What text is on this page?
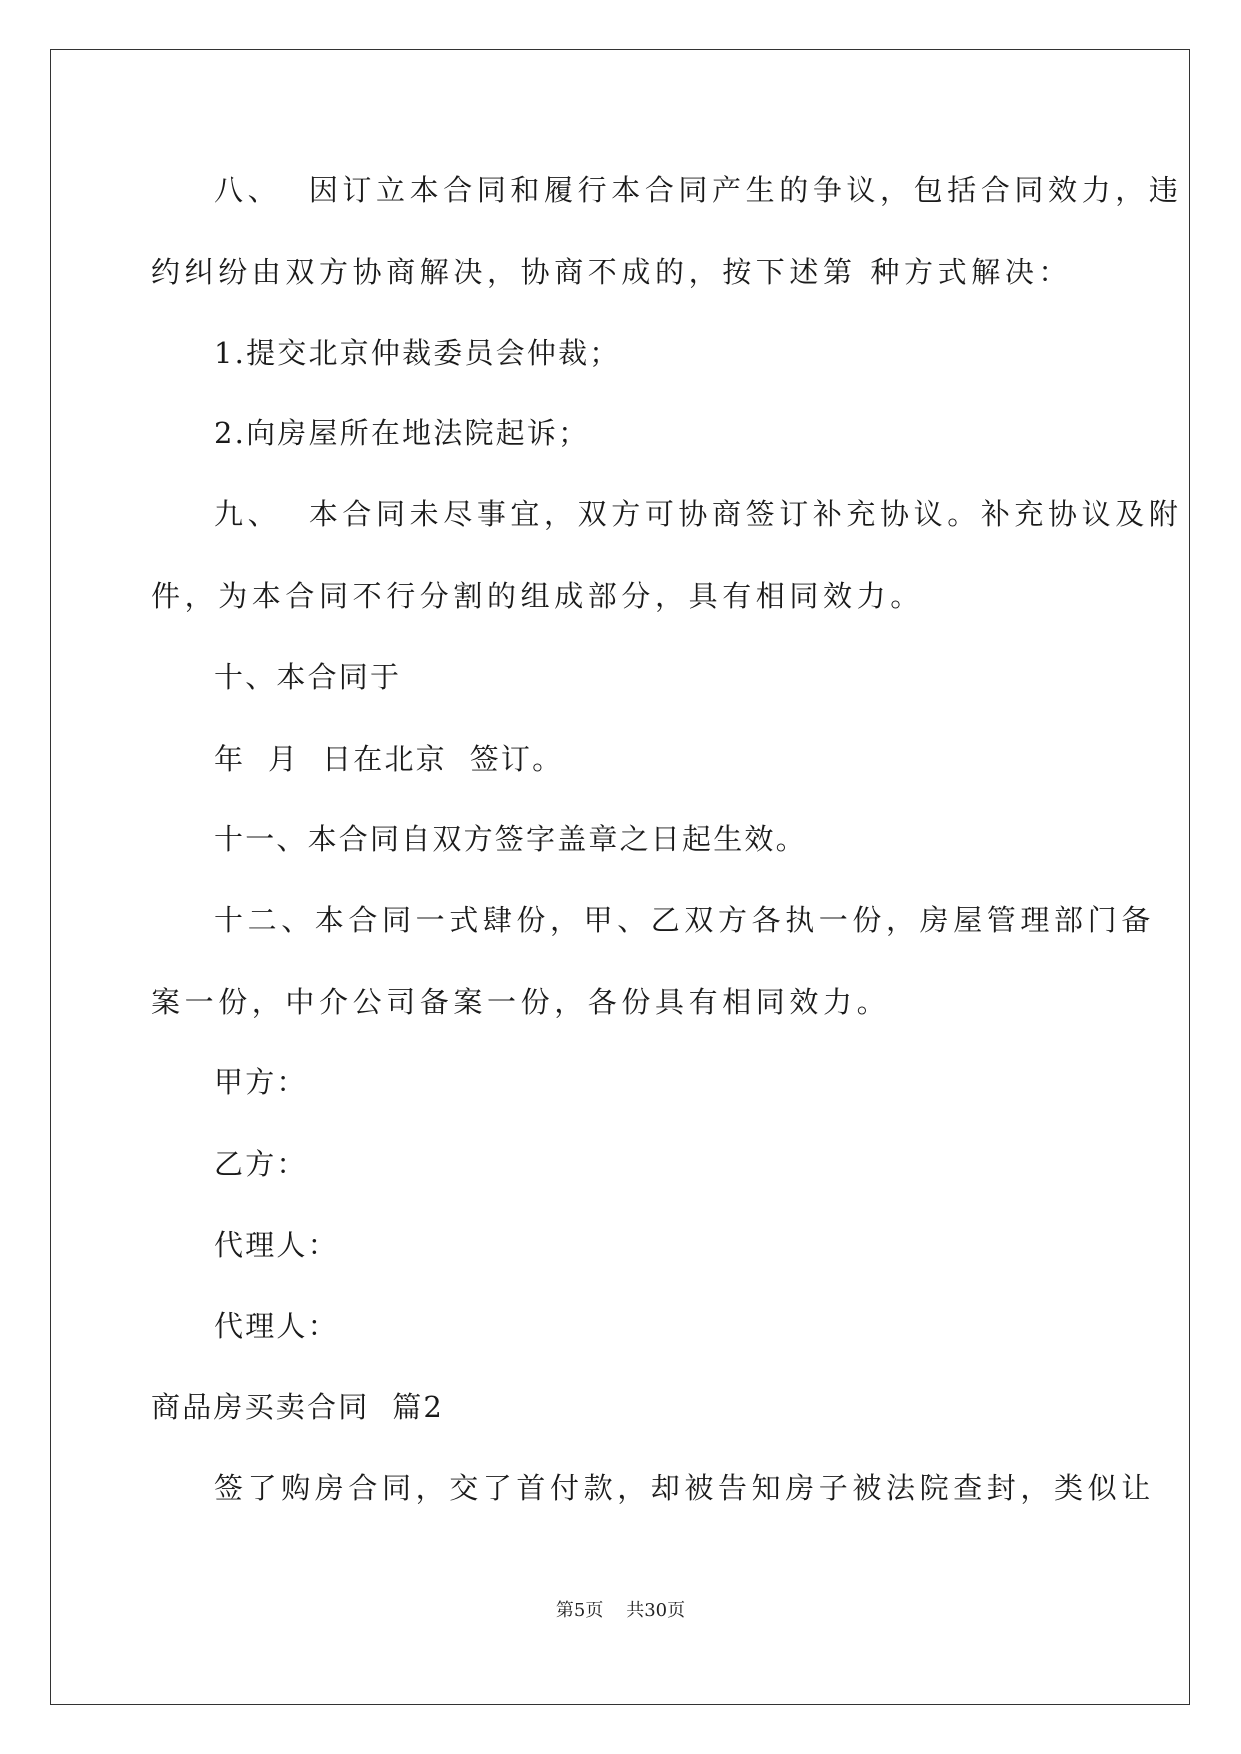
八、  因订立本合同和履行本合同产生的争议，包括合同效力，违
约纠纷由双方协商解决，协商不成的，按下述第 种方式解决：
1.提交北京仲裁委员会仲裁；
2.向房屋所在地法院起诉；
九、  本合同未尽事宜，双方可协商签订补充协议。补充协议及附
件，为本合同不行分割的组成部分，具有相同效力。
十、本合同于
年  月  日在北京  签订。
十一、本合同自双方签字盖章之日起生效。
十二、本合同一式肆份，甲、乙双方各执一份，房屋管理部门备
案一份，中介公司备案一份，各份具有相同效力。
甲方：
乙方：
代理人：
代理人：
商品房买卖合同  篇2
签了购房合同，交了首付款，却被告知房子被法院查封，类似让
第5页    共30页
